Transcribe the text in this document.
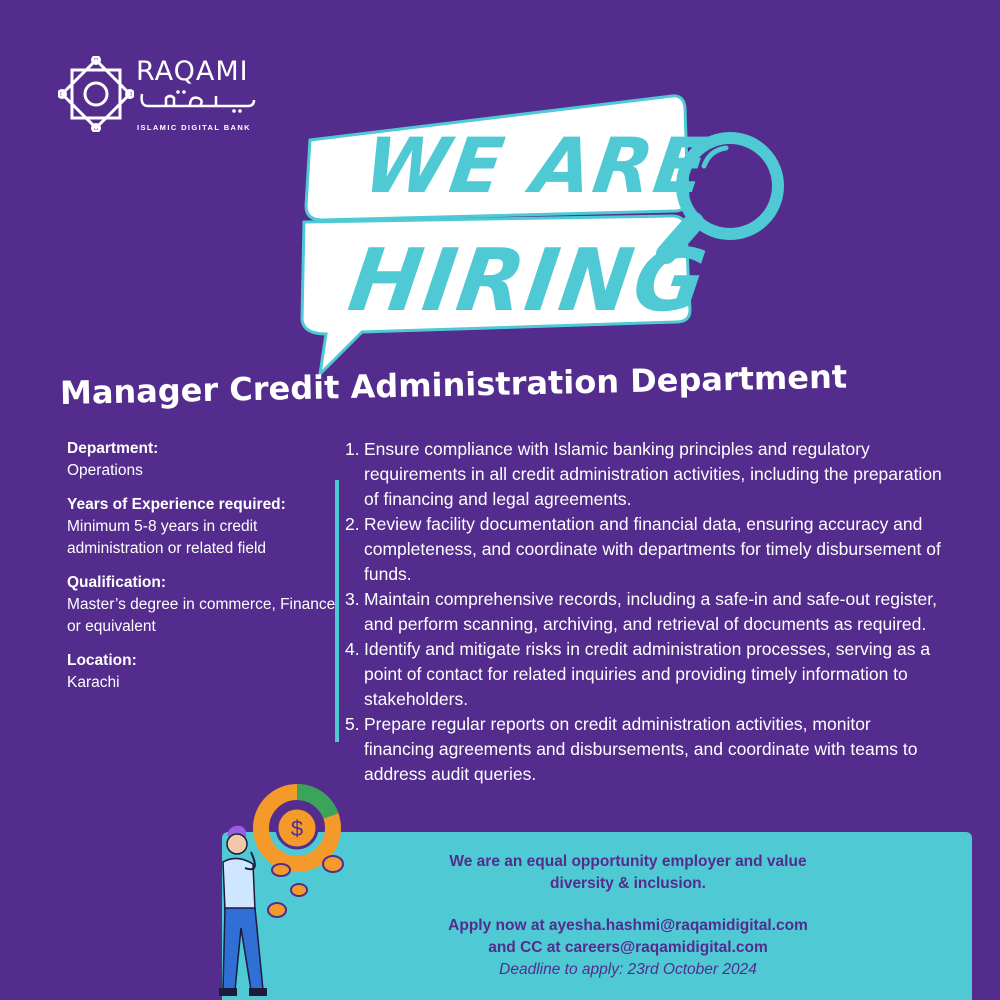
RAQAMI
ISLAMIC DIGITAL BANK WE ARE
HIRING
Manager Credit Administration Department
Department:
Operations
Years of Experience required:
Minimum 5-8 years in credit administration or related field
Qualification:
Master’s degree in commerce, Finance or equivalent
Location:
Karachi
1. Ensure compliance with Islamic banking principles and regulatory requirements in all credit administration activities, including the preparation of financing and legal agreements.
2. Review facility documentation and financial data, ensuring accuracy and completeness, and coordinate with departments for timely disbursement of funds.
3. Maintain comprehensive records, including a safe-in and safe-out register, and perform scanning, archiving, and retrieval of documents as required.
4. Identify and mitigate risks in credit administration processes, serving as a point of contact for related inquiries and providing timely information to stakeholders.
5. Prepare regular reports on credit administration activities, monitor financing agreements and disbursements, and coordinate with teams to address audit queries.
We are an equal opportunity employer and value
diversity & inclusion.
Apply now at ayesha.hashmi@raqamidigital.com
and CC at careers@raqamidigital.com
Deadline to apply: 23rd October 2024
$
